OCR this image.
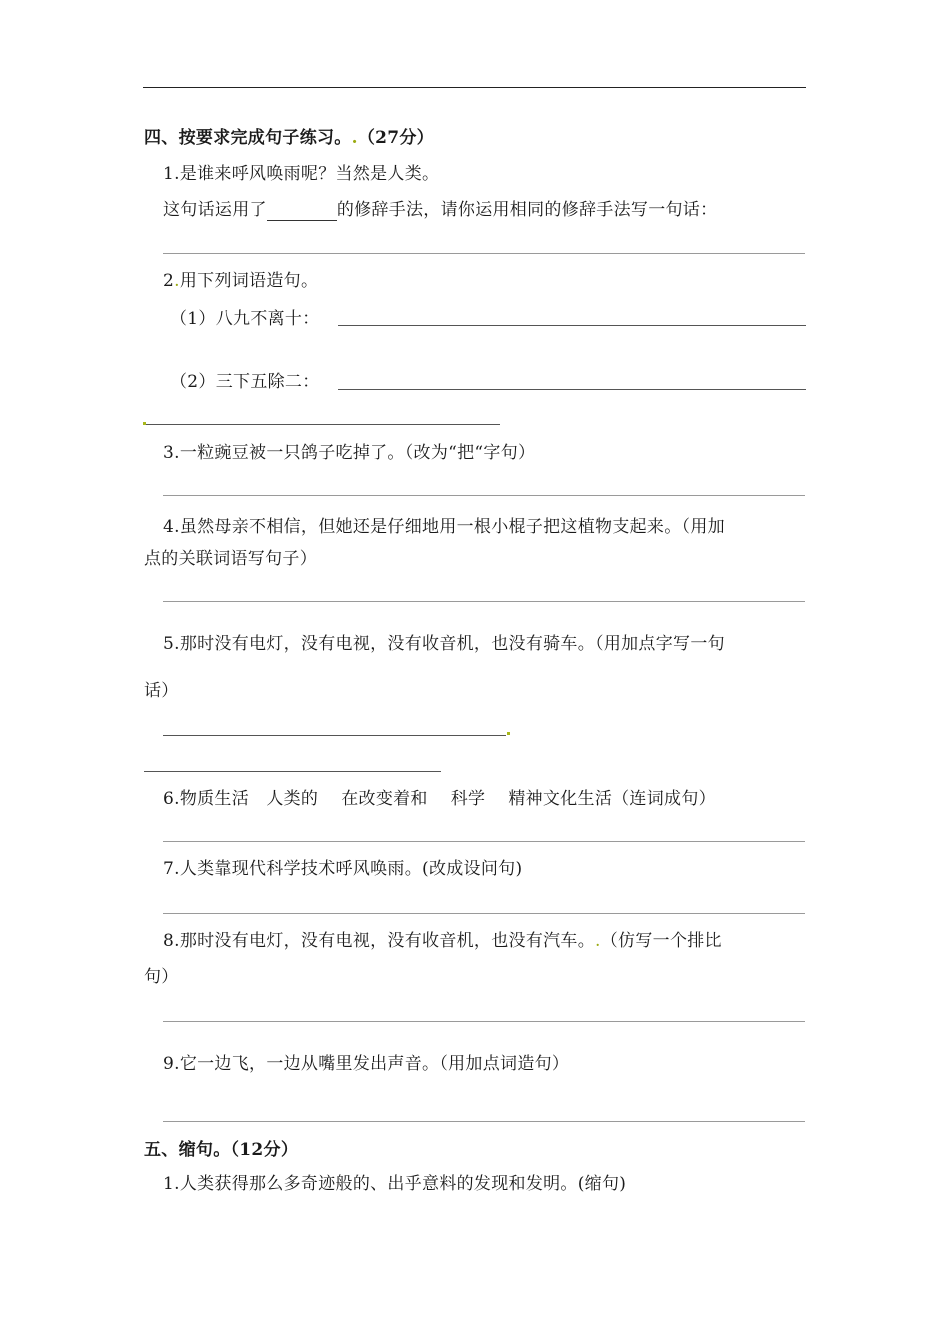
四、按要求完成句子练习。.（27分）
1.是谁来呼风唤雨呢？当然是人类。
这句话运用了	的修辞手法，请你运用相同的修辞手法写一句话：
2.用下列词语造句。
（1）八九不离十：
（2）三下五除二：
3.一粒豌豆被一只鸽子吃掉了。（改为“把“字句）
4.虽然母亲不相信，但她还是仔细地用一根小棍子把这植物支起来。（用加
点的关联词语写句子）
5.那时没有电灯，没有电视，没有收音机，也没有骑车。（用加点字写一句
话）
6.物质生活　人类的　 在改变着和　 科学　 精神文化生活（连词成句）
7.人类靠现代科学技术呼风唤雨。(改成设问句)
8.那时没有电灯，没有电视，没有收音机，也没有汽车。.（仿写一个排比
句）
9.它一边飞，一边从嘴里发出声音。（用加点词造句）
五、缩句。（12分）
1.人类获得那么多奇迹般的、出乎意料的发现和发明。(缩句)
